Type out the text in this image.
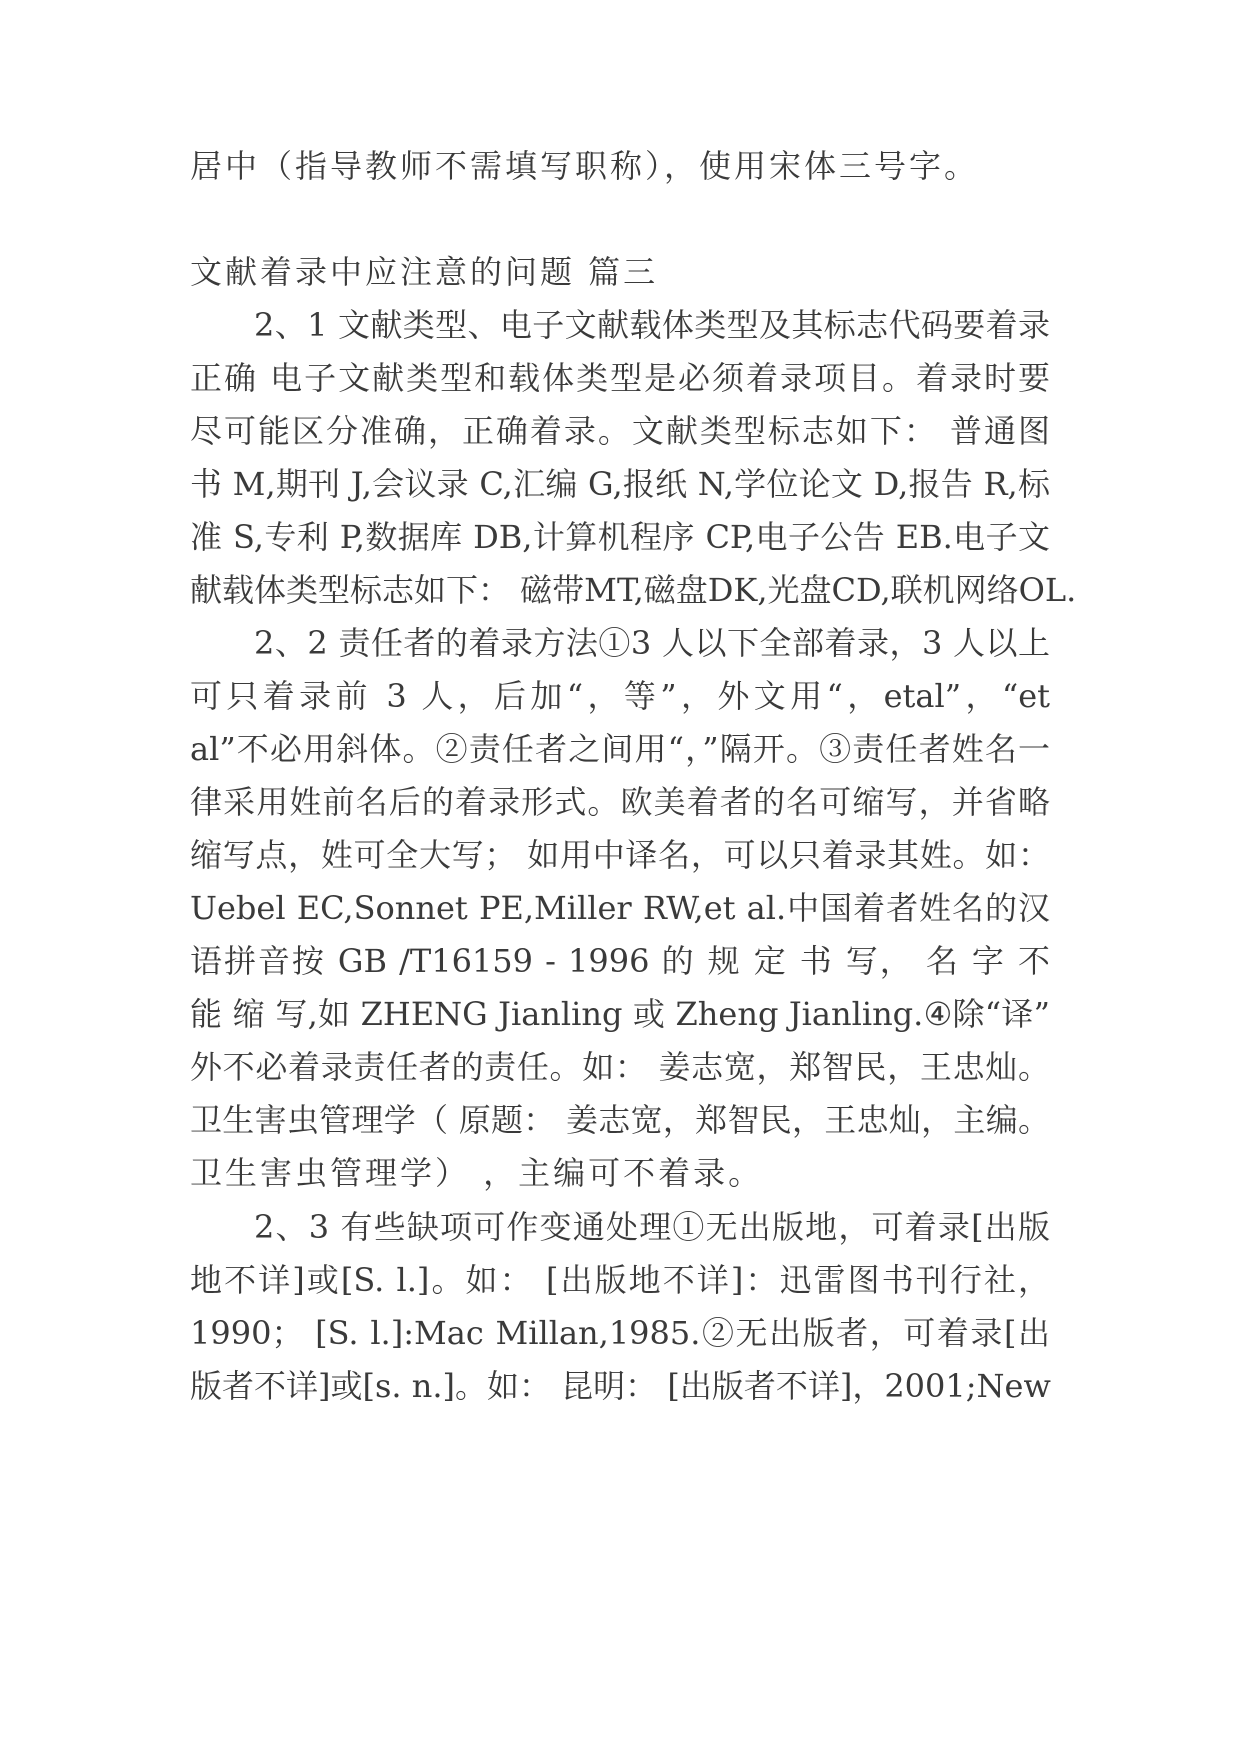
居中（指导教师不需填写职称），使用宋体三号字。
文献着录中应注意的问题 篇三
2、1 文献类型、电子文献载体类型及其标志代码要着录
正确 电子文献类型和载体类型是必须着录项目。着录时要
尽可能区分准确，正确着录。文献类型标志如下： 普通图
书 M,期刊 J,会议录 C,汇编 G,报纸 N,学位论文 D,报告 R,标
准 S,专利 P,数据库 DB,计算机程序 CP,电子公告 EB.电子文
献载体类型标志如下： 磁带MT,磁盘DK,光盘CD,联机网络OL.
2、2 责任者的着录方法①3 人以下全部着录，3 人以上
可只着录前 3 人，后加“，等”，外文用“，etal”，“et
al”不必用斜体。②责任者之间用“，”隔开。③责任者姓名一
律采用姓前名后的着录形式。欧美着者的名可缩写，并省略
缩写点，姓可全大写； 如用中译名，可以只着录其姓。如：
Uebel EC,Sonnet PE,Miller RW,et al.中国着者姓名的汉
语拼音按 GB /T16159 - 1996 的 规 定 书 写， 名 字 不
能 缩 写,如 ZHENG Jianling 或 Zheng Jianling.④除“译”
外不必着录责任者的责任。如： 姜志宽，郑智民，王忠灿。
卫生害虫管理学（ 原题： 姜志宽，郑智民，王忠灿，主编。
卫生害虫管理学） ，主编可不着录。
2、3 有些缺项可作变通处理①无出版地，可着录[出版
地不详]或[S. l.]。如： [出版地不详]：迅雷图书刊行社，
1990； [S. l.]:Mac Millan,1985.②无出版者，可着录[出
版者不详]或[s. n.]。如： 昆明： [出版者不详]，2001;New
